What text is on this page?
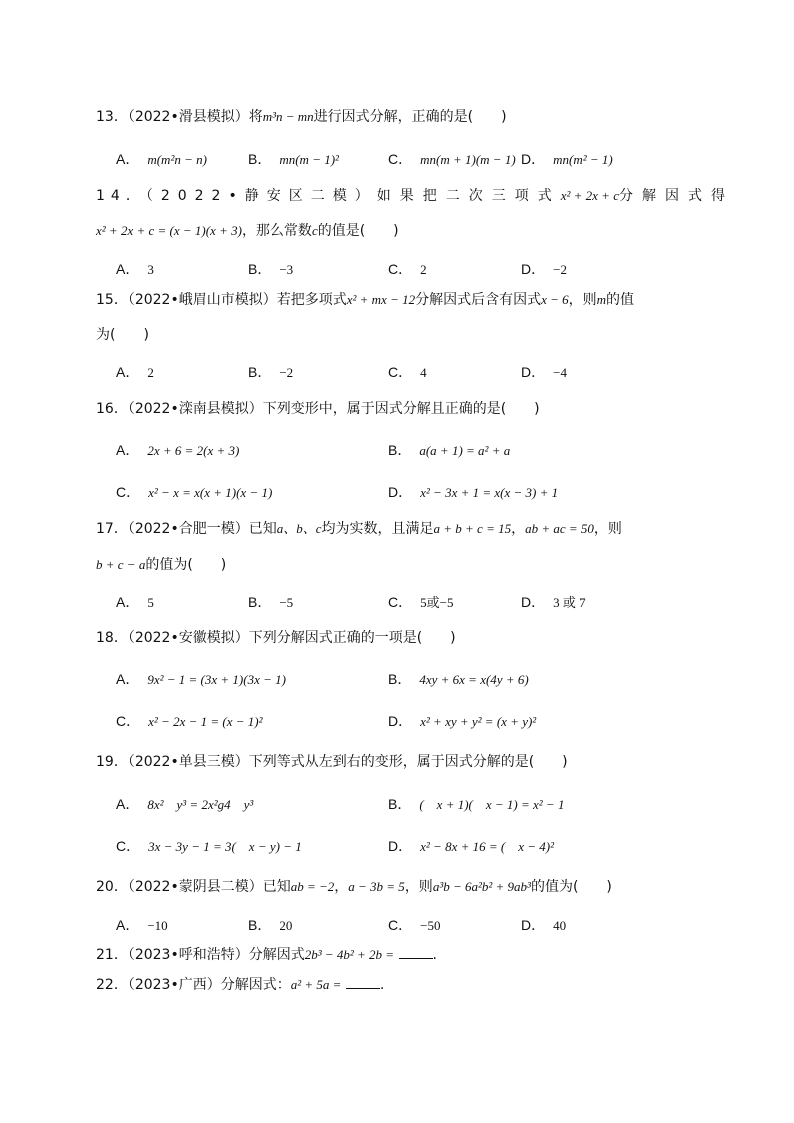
13．（2022•滑县模拟）将m³n − mn进行因式分解，正确的是(　　)
A． m(m²n − n)	B． mn(m − 1)²	C． mn(m + 1)(m − 1) D． mn(m² − 1)
14．（2022•静安区二模）如果把二次三项式x² + 2x + c分解因式得
x² + 2x + c = (x − 1)(x + 3)，那么常数c的值是(　　)
A． 3	B． −3	C． 2	D． −2
15．（2022•峨眉山市模拟）若把多项式x² + mx − 12分解因式后含有因式x − 6，则m的值
为(　　)
A． 2	B． −2	C． 4	D． −4
16．（2022•滦南县模拟）下列变形中，属于因式分解且正确的是(　　)
A． 2x + 6 = 2(x + 3)	B． a(a + 1) = a² + a
C． x² − x = x(x + 1)(x − 1)	D． x² − 3x + 1 = x(x − 3) + 1
17．（2022•合肥一模）已知a、b、c均为实数，且满足a + b + c = 15，ab + ac = 50，则
b + c − a的值为(　　)
A． 5	B． −5	C． 5或−5	D． 3 或 7
18．（2022•安徽模拟）下列分解因式正确的一项是(　　)
A． 9x² − 1 = (3x + 1)(3x − 1)	B． 4xy + 6x = x(4y + 6)
C． x² − 2x − 1 = (x − 1)²	D． x² + xy + y² = (x + y)²
19．（2022•单县三模）下列等式从左到右的变形，属于因式分解的是(　　)
A． 8x²　y³ = 2x²g4　y³	B． (　x + 1)(　x − 1) = x² − 1
C． 3x − 3y − 1 = 3(　x − y) − 1	D． x² − 8x + 16 = (　x − 4)²
20．（2022•蒙阴县二模）已知ab = −2，a − 3b = 5，则a³b − 6a²b² + 9ab³的值为(　　)
A． −10	B． 20	C． −50	D． 40
21．（2023•呼和浩特）分解因式2b³ − 4b² + 2b =	.
22．（2023•广西）分解因式：a² + 5a =	.
